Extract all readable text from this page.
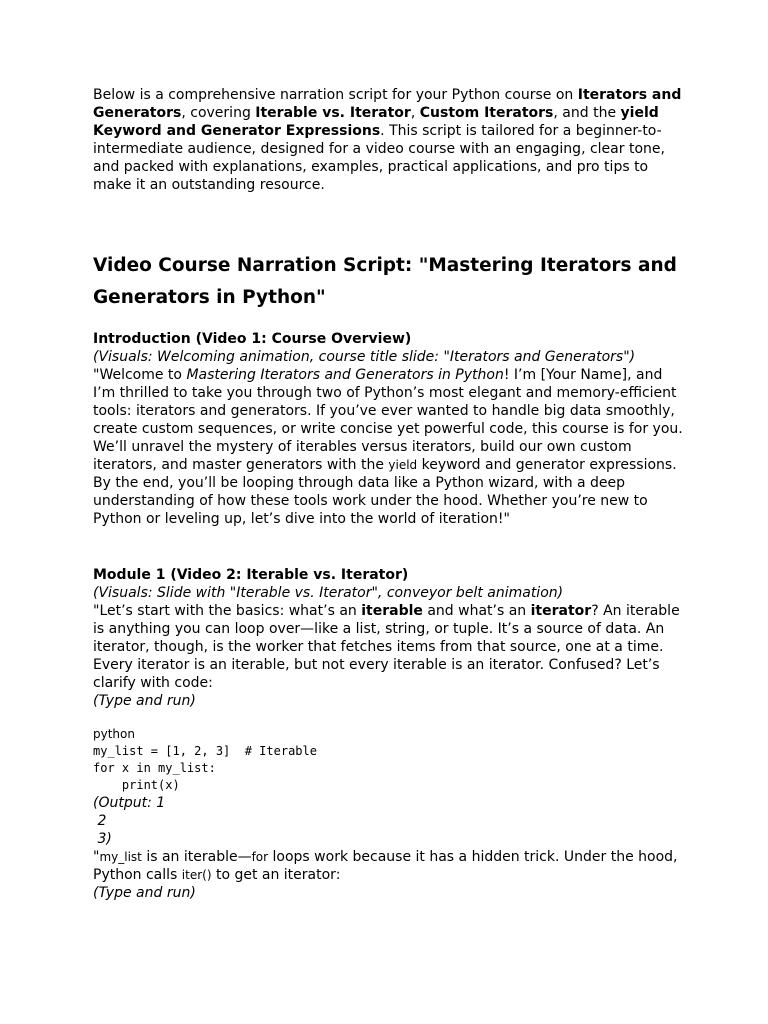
Below is a comprehensive narration script for your Python course on Iterators and Generators, covering Iterable vs. Iterator, Custom Iterators, and the yield Keyword and Generator Expressions. This script is tailored for a beginner-to-intermediate audience, designed for a video course with an engaging, clear tone, and packed with explanations, examples, practical applications, and pro tips to make it an outstanding resource.

Video Course Narration Script: "Mastering Iterators and Generators in Python"
Introduction (Video 1: Course Overview)

(Visuals: Welcoming animation, course title slide: "Iterators and Generators")

"Welcome to Mastering Iterators and Generators in Python! I’m [Your Name], and I’m thrilled to take you through two of Python’s most elegant and memory-efficient tools: iterators and generators. If you’ve ever wanted to handle big data smoothly, create custom sequences, or write concise yet powerful code, this course is for you. We’ll unravel the mystery of iterables versus iterators, build our own custom iterators, and master generators with the yield keyword and generator expressions. By the end, you’ll be looping through data like a Python wizard, with a deep understanding of how these tools work under the hood. Whether you’re new to Python or leveling up, let’s dive into the world of iteration!"

Module 1 (Video 2: Iterable vs. Iterator)

(Visuals: Slide with "Iterable vs. Iterator", conveyor belt animation)

"Let’s start with the basics: what’s an iterable and what’s an iterator? An iterable is anything you can loop over—like a list, string, or tuple. It’s a source of data. An iterator, though, is the worker that fetches items from that source, one at a time. Every iterator is an iterable, but not every iterable is an iterator. Confused? Let’s clarify with code:

(Type and run)

python
my_list = [1, 2, 3]  # Iterable
for x in my_list:
print(x)

(Output: 1

2

3)

"my_list is an iterable—for loops work because it has a hidden trick. Under the hood, Python calls iter() to get an iterator:

(Type and run)
